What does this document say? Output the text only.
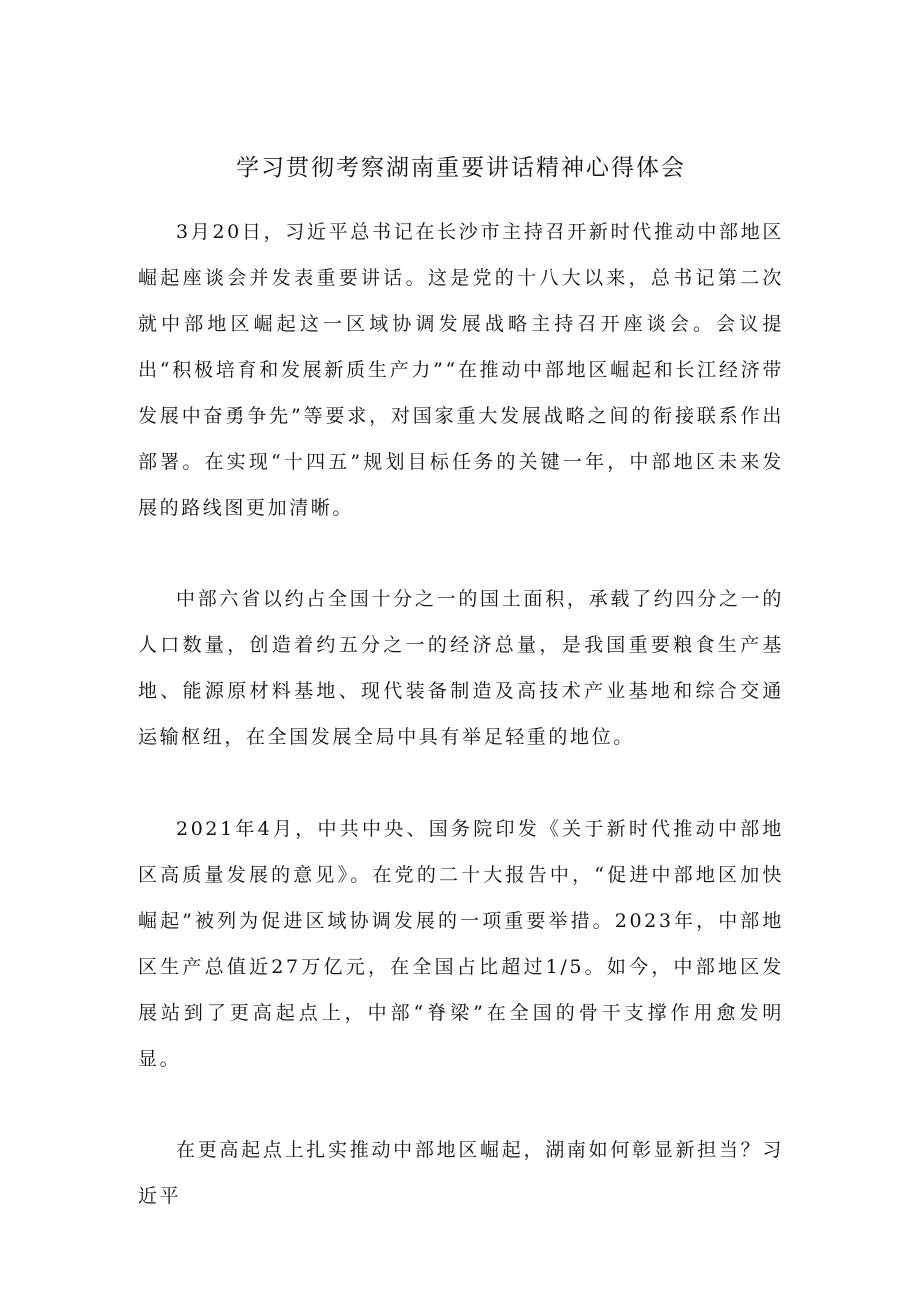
学习贯彻考察湖南重要讲话精神心得体会

3月20日，习近平总书记在长沙市主持召开新时代推动中部地区崛起座谈会并发表重要讲话。这是党的十八大以来，总书记第二次就中部地区崛起这一区域协调发展战略主持召开座谈会。会议提出“积极培育和发展新质生产力”“在推动中部地区崛起和长江经济带发展中奋勇争先”等要求，对国家重大发展战略之间的衔接联系作出部署。在实现“十四五”规划目标任务的关键一年，中部地区未来发展的路线图更加清晰。

中部六省以约占全国十分之一的国土面积，承载了约四分之一的人口数量，创造着约五分之一的经济总量，是我国重要粮食生产基地、能源原材料基地、现代装备制造及高技术产业基地和综合交通运输枢纽，在全国发展全局中具有举足轻重的地位。

2021年4月，中共中央、国务院印发《关于新时代推动中部地区高质量发展的意见》。在党的二十大报告中，“促进中部地区加快崛起”被列为促进区域协调发展的一项重要举措。2023年，中部地区生产总值近27万亿元，在全国占比超过1/5。如今，中部地区发展站到了更高起点上，中部“脊梁”在全国的骨干支撑作用愈发明显。

在更高起点上扎实推动中部地区崛起，湖南如何彰显新担当？习近平
